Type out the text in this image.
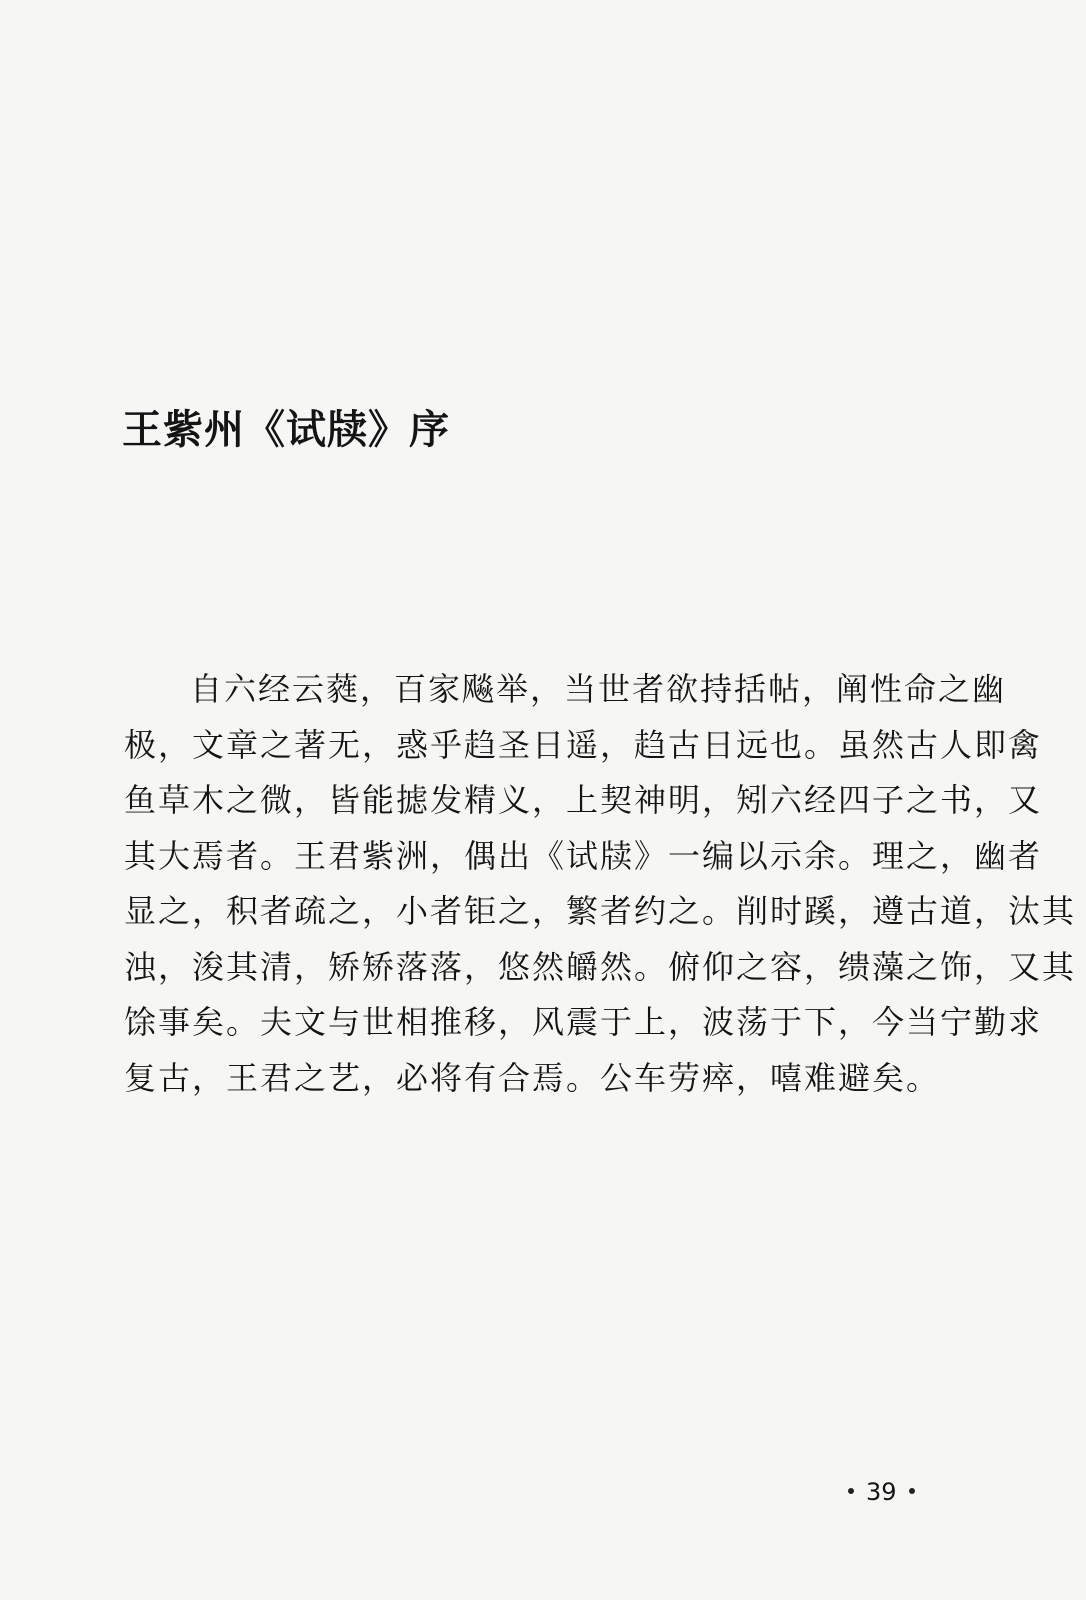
王紫州《试牍》序
自六经云蕤，百家飚举，当世者欲持括帖，阐性命之幽
极，文章之著无，惑乎趋圣日遥，趋古日远也。虽然古人即禽
鱼草木之微，皆能摅发精义，上契神明，矧六经四子之书，又
其大焉者。王君紫洲，偶出《试牍》一编以示余。理之，幽者
显之，积者疏之，小者钜之，繁者约之。削时蹊，遵古道，汰其
浊，浚其清，矫矫落落，悠然皭然。俯仰之容，缋藻之饰，又其
馀事矣。夫文与世相推移，风震于上，波荡于下，今当宁勤求
复古，王君之艺，必将有合焉。公车劳瘁，嘻难避矣。
39
